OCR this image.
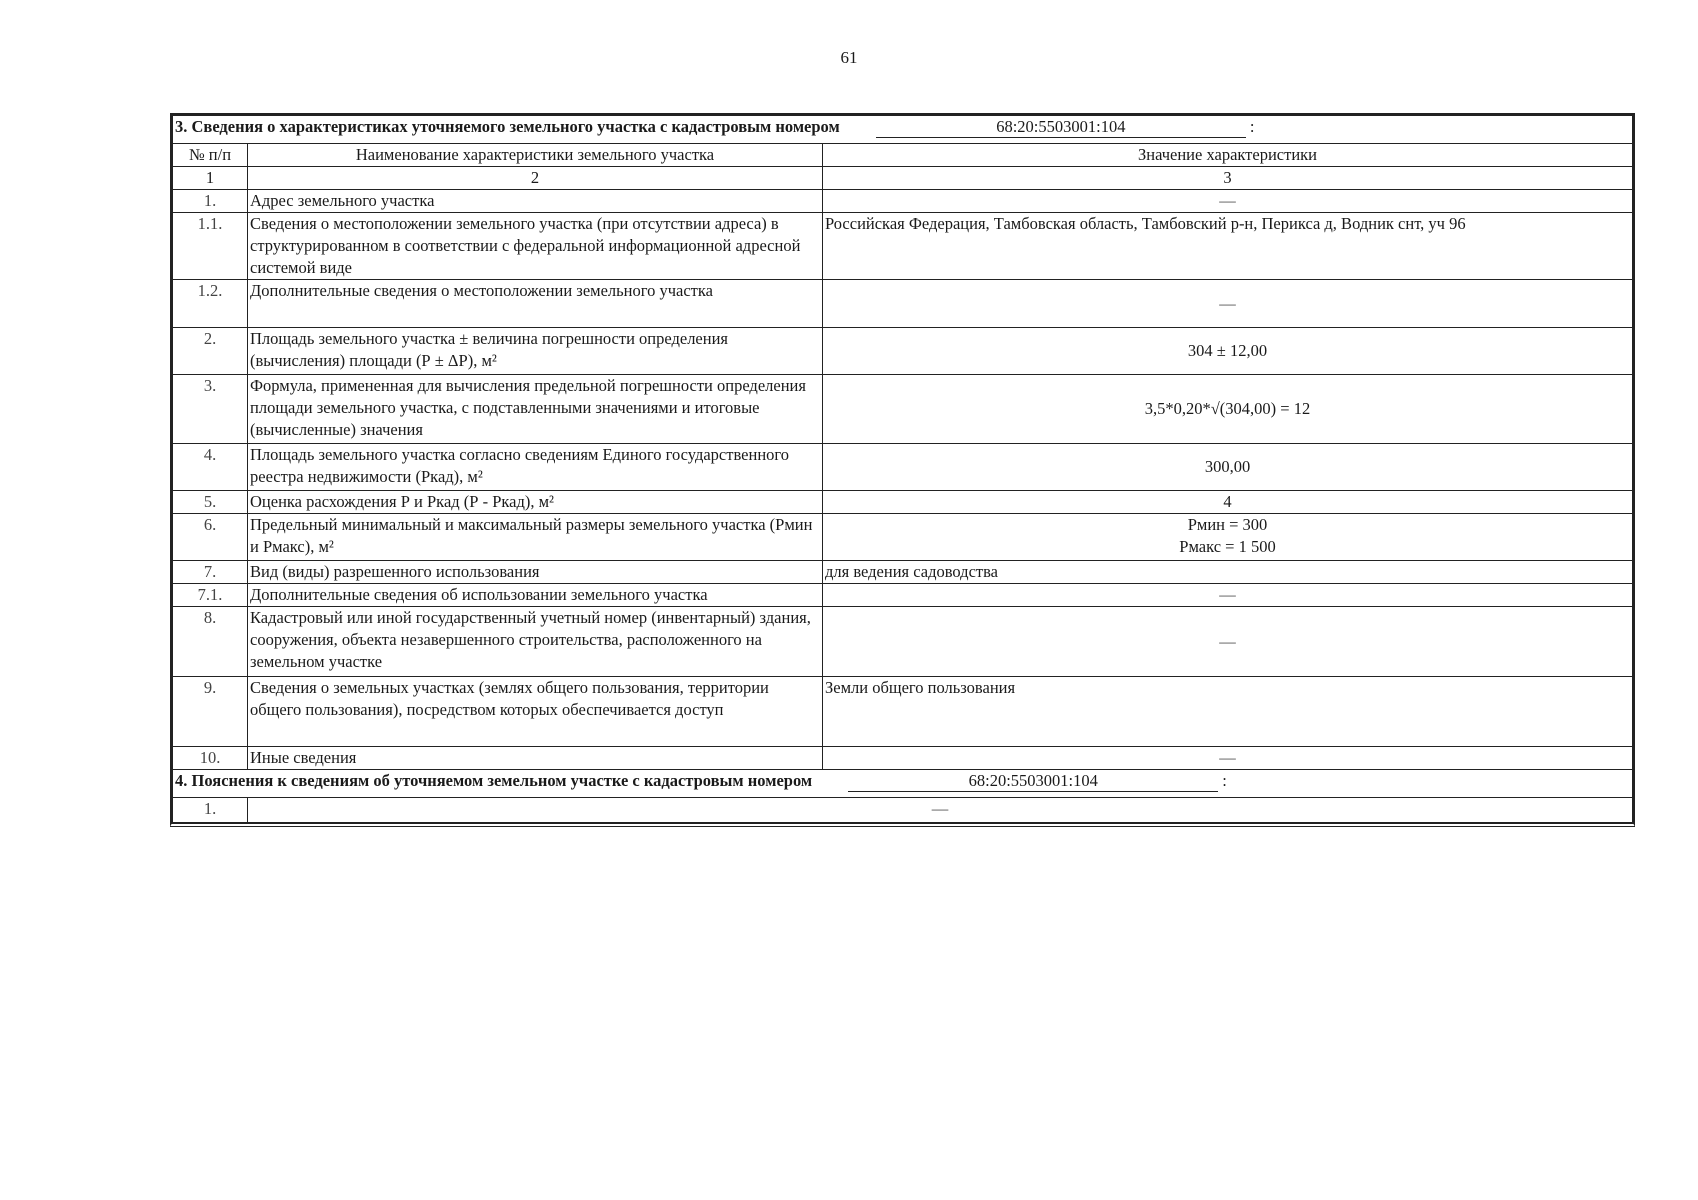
61
3. Сведения о характеристиках уточняемого земельного участка с кадастровым номером 68:20:5503001:104 :		
№ п/п	Наименование характеристики земельного участка	Значение характеристики
1	2	3
1.	Адрес земельного участка	—
1.1.	Сведения о местоположении земельного участка (при отсутствии адреса) в структурированном в соответствии с федеральной информационной адресной системой виде	Российская Федерация, Тамбовская область, Тамбовский р-н, Перикса д, Водник снт, уч 96
1.2.	Дополнительные сведения о местоположении земельного участка	—
2.	Площадь земельного участка ± величина погрешности определения (вычисления) площади (Р ± ΔР), м²	304 ± 12,00
3.	Формула, примененная для вычисления предельной погрешности определения площади земельного участка, с подставленными значениями и итоговые (вычисленные) значения	3,5*0,20*√(304,00) = 12
4.	Площадь земельного участка согласно сведениям Единого государственного реестра недвижимости (Ркад), м²	300,00
5.	Оценка расхождения Р и Ркад (Р - Ркад), м²	4
6.	Предельный минимальный и максимальный размеры земельного участка (Рмин и Рмакс), м²	Рмин = 300
Рмакс = 1 500

7.	Вид (виды) разрешенного использования	для ведения садоводства
7.1.	Дополнительные сведения об использовании земельного участка	—
8.	Кадастровый или иной государственный учетный номер (инвентарный) здания, сооружения, объекта незавершенного строительства, расположенного на земельном участке	—
9.	Сведения о земельных участках (землях общего пользования, территории общего пользования), посредством которых обеспечивается доступ	Земли общего пользования
10.	Иные сведения	—
4. Пояснения к сведениям об уточняемом земельном участке с кадастровым номером 68:20:5503001:104 :		
1.	—	
